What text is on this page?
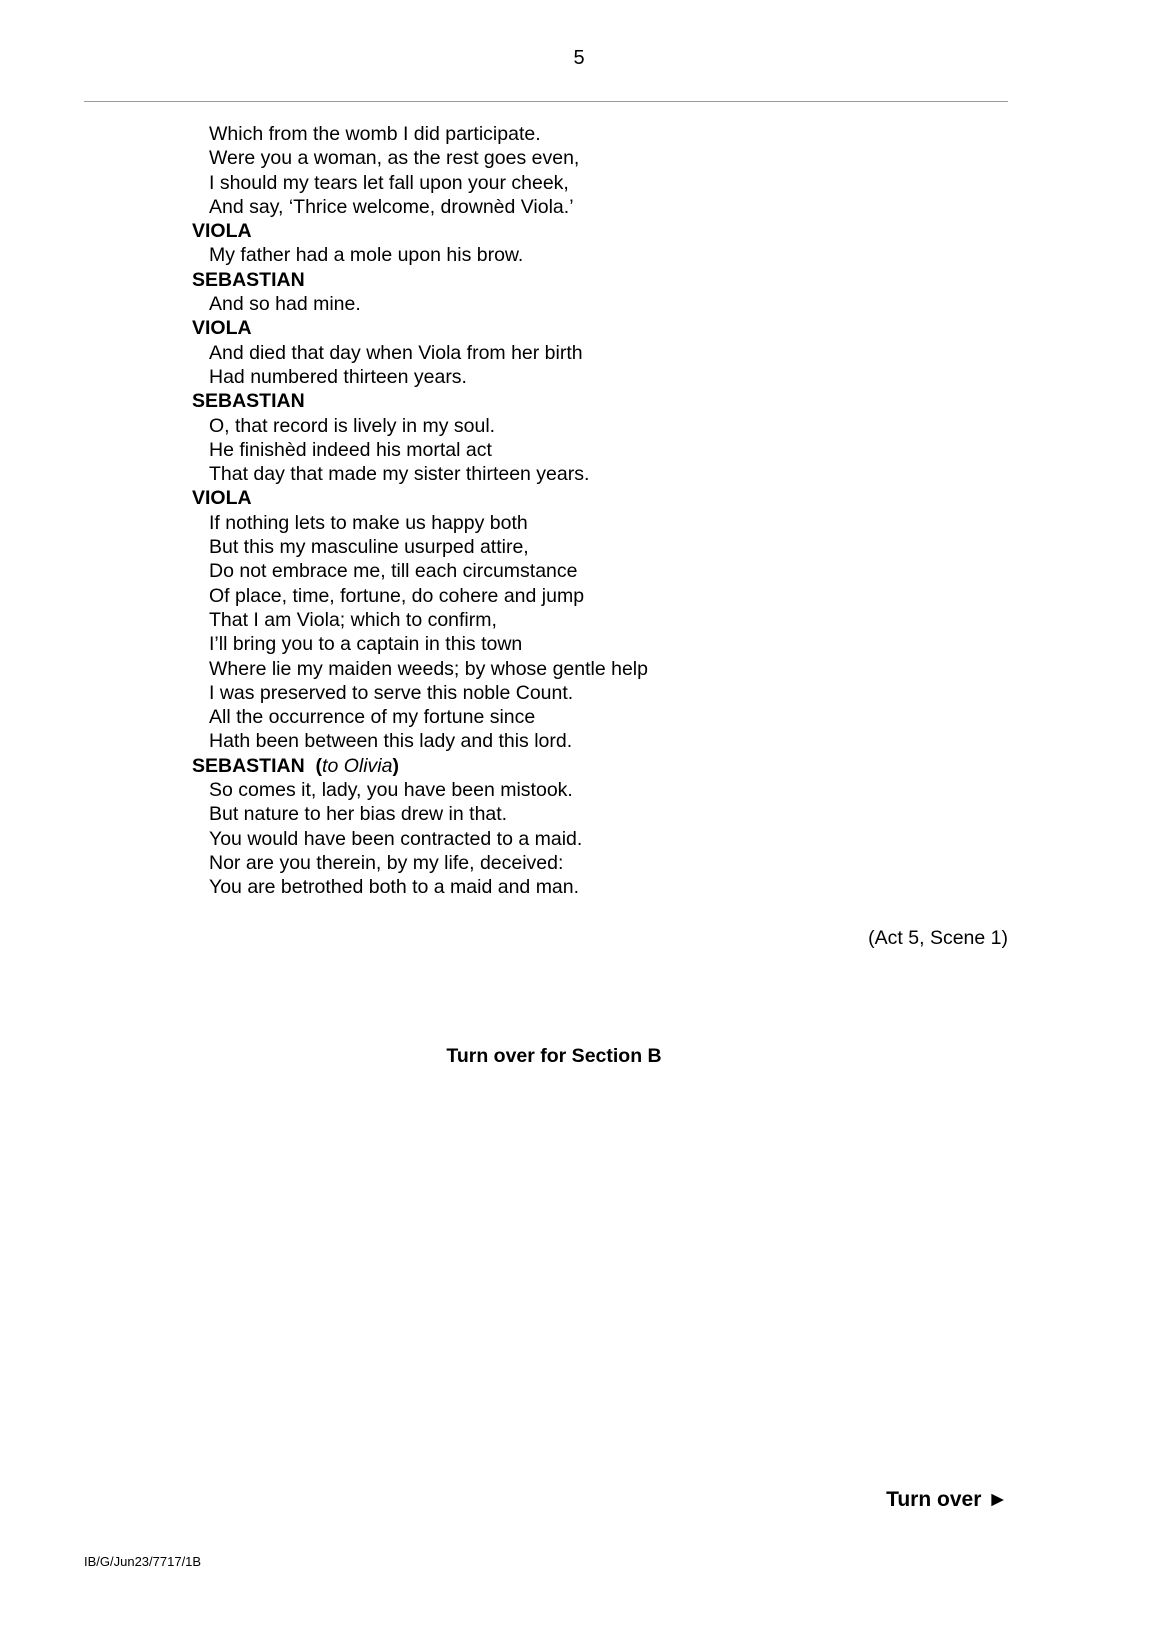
5
Which from the womb I did participate.
Were you a woman, as the rest goes even,
I should my tears let fall upon your cheek,
And say, ‘Thrice welcome, drownèd Viola.’
VIOLA
My father had a mole upon his brow.
SEBASTIAN
And so had mine.
VIOLA
And died that day when Viola from her birth
Had numbered thirteen years.
SEBASTIAN
O, that record is lively in my soul.
He finishèd indeed his mortal act
That day that made my sister thirteen years.
VIOLA
If nothing lets to make us happy both
But this my masculine usurped attire,
Do not embrace me, till each circumstance
Of place, time, fortune, do cohere and jump
That I am Viola; which to confirm,
I’ll bring you to a captain in this town
Where lie my maiden weeds; by whose gentle help
I was preserved to serve this noble Count.
All the occurrence of my fortune since
Hath been between this lady and this lord.
SEBASTIAN  (to Olivia)
So comes it, lady, you have been mistook.
But nature to her bias drew in that.
You would have been contracted to a maid.
Nor are you therein, by my life, deceived:
You are betrothed both to a maid and man.
(Act 5, Scene 1)
Turn over for Section B
Turn over ►
IB/G/Jun23/7717/1B
